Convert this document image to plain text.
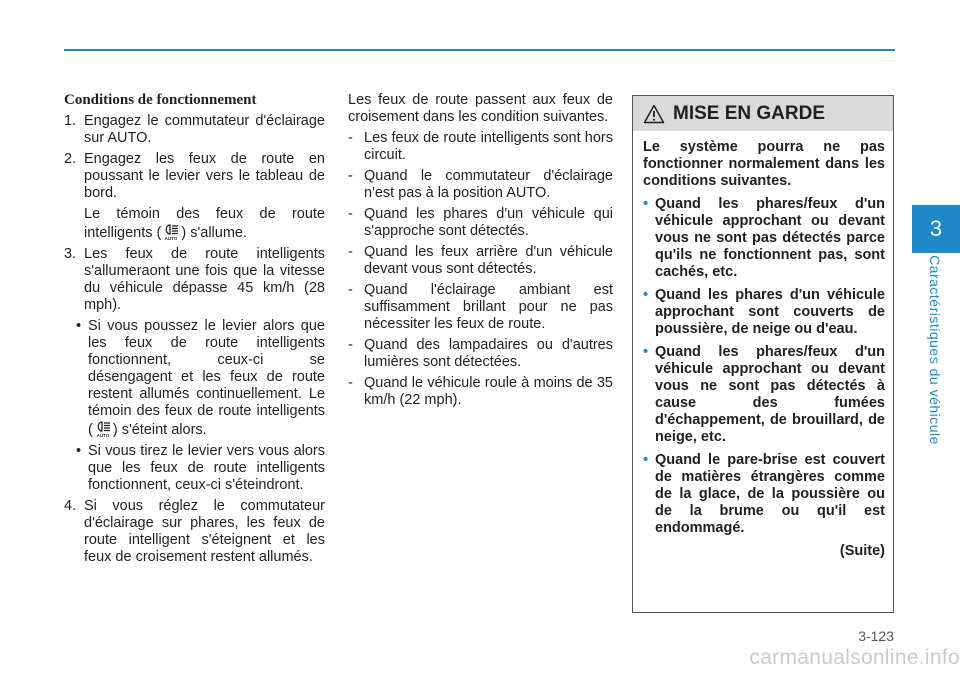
3
Caractéristiques du véhicule
Conditions de fonctionnement
1. Engagez le commutateur d'éclairage sur AUTO.
2. Engagez les feux de route en poussant le levier vers le tableau de bord.
Le témoin des feux de route intelligents ( AUTO ) s'allume.
3. Les feux de route intelligents s'allumeraont une fois que la vitesse du véhicule dépasse 45 km/h (28 mph).
• Si vous poussez le levier alors que les feux de route intelligents fonctionnent, ceux-ci se désengagent et les feux de route restent allumés continuellement. Le témoin des feux de route intelligents ( AUTO ) s'éteint alors.
• Si vous tirez le levier vers vous alors que les feux de route intelligents fonctionnent, ceux-ci s'éteindront.
4. Si vous réglez le commutateur d'éclairage sur phares, les feux de route intelligent s'éteignent et les feux de croisement restent allumés.
Les feux de route passent aux feux de croisement dans les condition suivantes.
- Les feux de route intelligents sont hors circuit.
- Quand le commutateur d'éclairage n'est pas à la position AUTO.
- Quand les phares d'un véhicule qui s'approche sont détectés.
- Quand les feux arrière d'un véhicule devant vous sont détectés.
- Quand l'éclairage ambiant est suffisamment brillant pour ne pas nécessiter les feux de route.
- Quand des lampadaires ou d'autres lumières sont détectées.
- Quand le véhicule roule à moins de 35 km/h (22 mph).
MISE EN GARDE
Le système pourra ne pas fonctionner normalement dans les conditions suivantes.
• Quand les phares/feux d'un véhicule approchant ou devant vous ne sont pas détectés parce qu'ils ne fonctionnent pas, sont cachés, etc.
• Quand les phares d'un véhicule approchant sont couverts de poussière, de neige ou d'eau.
• Quand les phares/feux d'un véhicule approchant ou devant vous ne sont pas détectés à cause des fumées d'échappement, de brouillard, de neige, etc.
• Quand le pare-brise est couvert de matières étrangères comme de la glace, de la poussière ou de la brume ou qu'il est endommagé.
(Suite)
3-123
carmanualsonline.info
